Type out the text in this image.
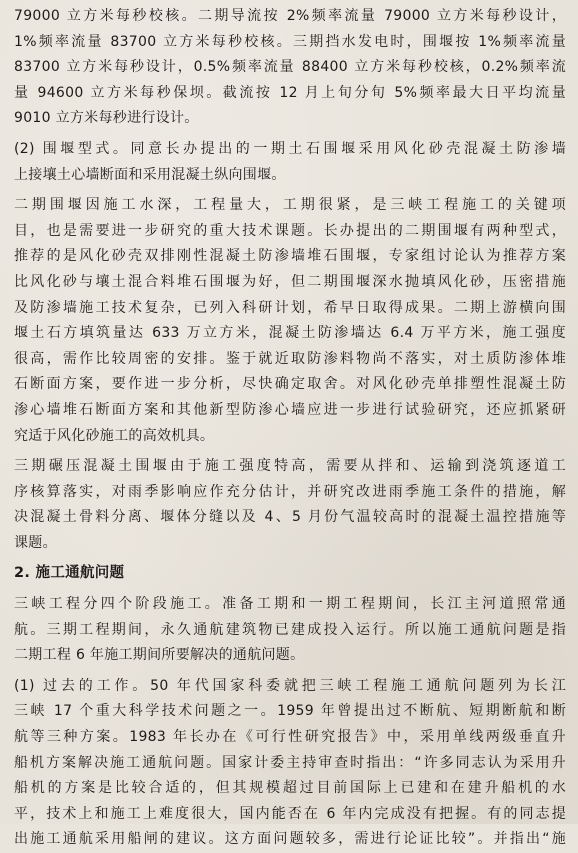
79000 立方米每秒校核。二期导流按 2%频率流量 79000 立方米每秒设计，
1%频率流量 83700 立方米每秒校核。三期挡水发电时，围堰按 1%频率流量
83700 立方米每秒设计，0.5%频率流量 88400 立方米每秒校核，0.2%频率流
量 94600 立方米每秒保坝。截流按 12 月上旬分旬 5%频率最大日平均流量
9010 立方米每秒进行设计。
(2) 围堰型式。同意长办提出的一期土石围堰采用风化砂壳混凝土防渗墙
上接壤土心墙断面和采用混凝土纵向围堰。
二期围堰因施工水深，工程量大，工期很紧，是三峡工程施工的关键项
目，也是需要进一步研究的重大技术课题。长办提出的二期围堰有两种型式，
推荐的是风化砂壳双排刚性混凝土防渗墙堆石围堰，专家组讨论认为推荐方案
比风化砂与壤土混合料堆石围堰为好，但二期围堰深水抛填风化砂，压密措施
及防渗墙施工技术复杂，已列入科研计划，希早日取得成果。二期上游横向围
堰土石方填筑量达 633 万立方米，混凝土防渗墙达 6.4 万平方米，施工强度
很高，需作比较周密的安排。鉴于就近取防渗料物尚不落实，对土质防渗体堆
石断面方案，要作进一步分析，尽快确定取舍。对风化砂壳单排塑性混凝土防
渗心墙堆石断面方案和其他新型防渗心墙应进一步进行试验研究，还应抓紧研
究适于风化砂施工的高效机具。
三期碾压混凝土围堰由于施工强度特高，需要从拌和、运输到浇筑逐道工
序核算落实，对雨季影响应作充分估计，并研究改进雨季施工条件的措施，解
决混凝土骨料分离、堰体分缝以及 4、5 月份气温较高时的混凝土温控措施等
课题。
2. 施工通航问题
三峡工程分四个阶段施工。准备工期和一期工程期间，长江主河道照常通
航。三期工程期间，永久通航建筑物已建成投入运行。所以施工通航问题是指
二期工程 6 年施工期间所要解决的通航问题。
(1) 过去的工作。50 年代国家科委就把三峡工程施工通航问题列为长江
三峡 17 个重大科学技术问题之一。1959 年曾提出过不断航、短期断航和断
航等三种方案。1983 年长办在《可行性研究报告》中，采用单线两级垂直升
船机方案解决施工通航问题。国家计委主持审查时指出：“许多同志认为采用升
船机的方案是比较合适的，但其规模超过目前国际上已建和在建升船机的水
平，技术上和施工上难度很大，国内能否在 6 年内完成没有把握。有的同志提
出施工通航采用船闸的建议。这方面问题较多，需进行论证比较”。并指出“施
